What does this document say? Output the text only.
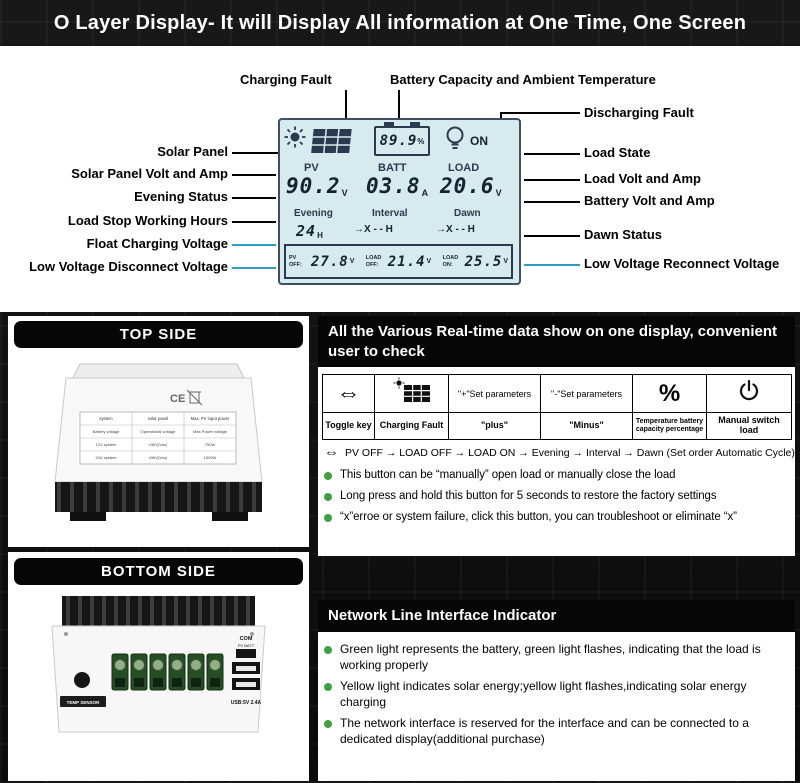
O Layer Display- It will Display All information at One Time, One Screen
Charging Fault	Battery Capacity and Ambient Temperature
Discharging Fault
Solar Panel
Solar Panel Volt and Amp
Evening Status
Load Stop Working Hours
Float Charging Voltage
Low Voltage Disconnect Voltage
Load State
Load Volt and Amp
Battery Volt and Amp
Dawn Status
Low Voltage Reconnect Voltage
89.9 %	ON
PV	BATT	LOAD
90.2 V 03.8 A 20.6 V
Evening	Interval	Dawn
24 H
→X - - H	→X - - H
PV OFF: 27.8 V LOAD OFF: 21.4 V LOAD ON: 25.5 V
TOP SIDE
CE
system	solar panel	Max. PV input power
Battery voltage	Operational voltage	Max.Power voltage
12V system	≤96V(Voc)	750W
24V system	≤96V(Voc)	1500W
BOTTOM SIDE
TEMP SENSOR
COM
PV BATT
USB:5V 2.4A
All the Various Real-time data show on one display, convenient user to check
⇔		"+"Set parameters	"-"Set parameters	%	
Toggle key	Charging Fault	"plus"	"Minus"	Temperature battery capacity percentage	Manual switch load
⇔ PV OFF → LOAD OFF → LOAD ON → Evening → Interval → Dawn (Set order Automatic Cycle)
This button can be “manually” open load or manually close the load
Long press and hold this button for 5 seconds to restore the factory settings
“x”erroe or system failure, click this button, you can troubleshoot or eliminate “x”
Network Line Interface Indicator
Green light represents the battery, green light flashes, indicating that the load is working properly
Yellow light indicates solar energy;yellow light flashes,indicating solar energy charging
The network interface is reserved for the interface and can be connected to a dedicated display(additional purchase)
